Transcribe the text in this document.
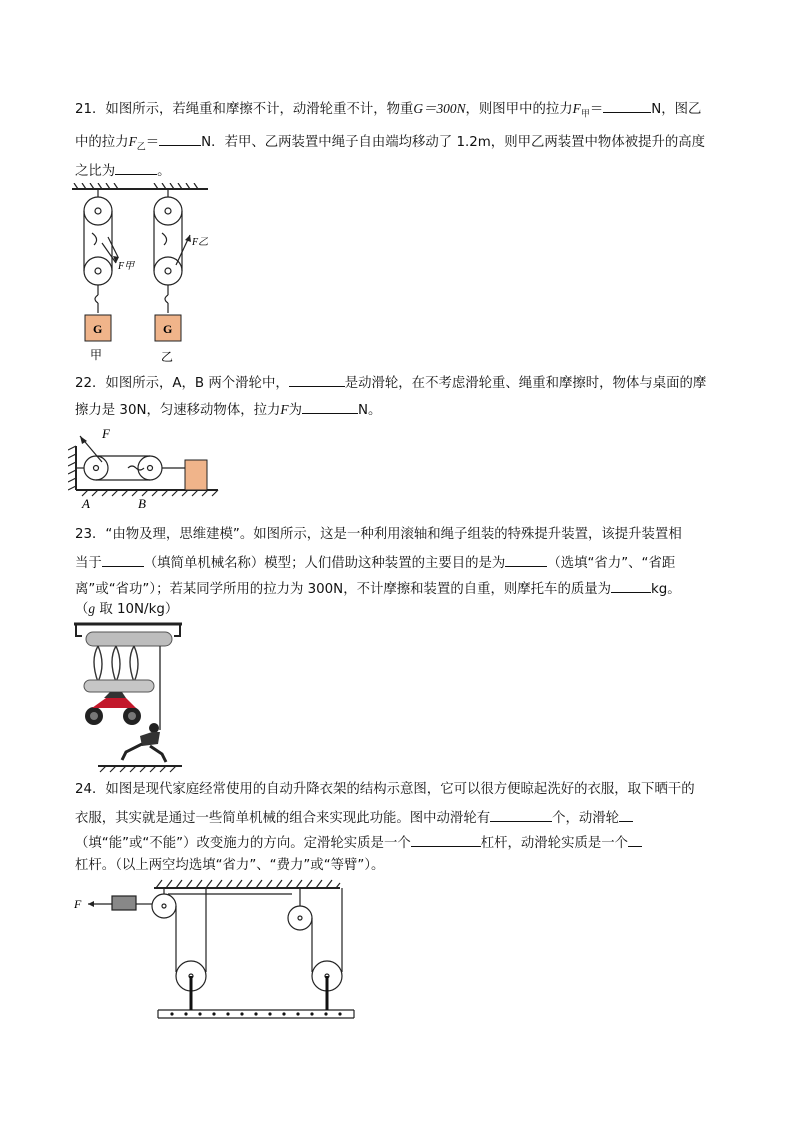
21．如图所示，若绳重和摩擦不计，动滑轮重不计，物重G＝300N，则图甲中的拉力$F_甲=$	N，图乙
中的拉力$F_乙=$	N．若甲、乙两装置中绳子自由端均移动了 1.2m，则甲乙两装置中物体被提升的高度
之比为	。
G	G
F甲
F乙
甲	乙
22．如图所示，A，B 两个滑轮中，	是动滑轮，在不考虑滑轮重、绳重和摩擦时，物体与桌面的摩
擦力是 30N，匀速移动物体，拉力F为	N。
F
A	B
23．“由物及理，思维建模”。如图所示，这是一种利用滚轴和绳子组装的特殊提升装置，该提升装置相
当于	（填简单机械名称）模型；人们借助这种装置的主要目的是为	（选填“省力”、“省距
离”或“省功”）；若某同学所用的拉力为 300N，不计摩擦和装置的自重，则摩托车的质量为	kg。
（g 取 10N/kg）
24．如图是现代家庭经常使用的自动升降衣架的结构示意图，它可以很方便晾起洗好的衣服，取下晒干的
衣服，其实就是通过一些简单机械的组合来实现此功能。图中动滑轮有	个，动滑轮
（填“能”或“不能”）改变施力的方向。定滑轮实质是一个	杠杆，动滑轮实质是一个
杠杆。（以上两空均选填“省力”、“费力”或“等臂”）。
F
